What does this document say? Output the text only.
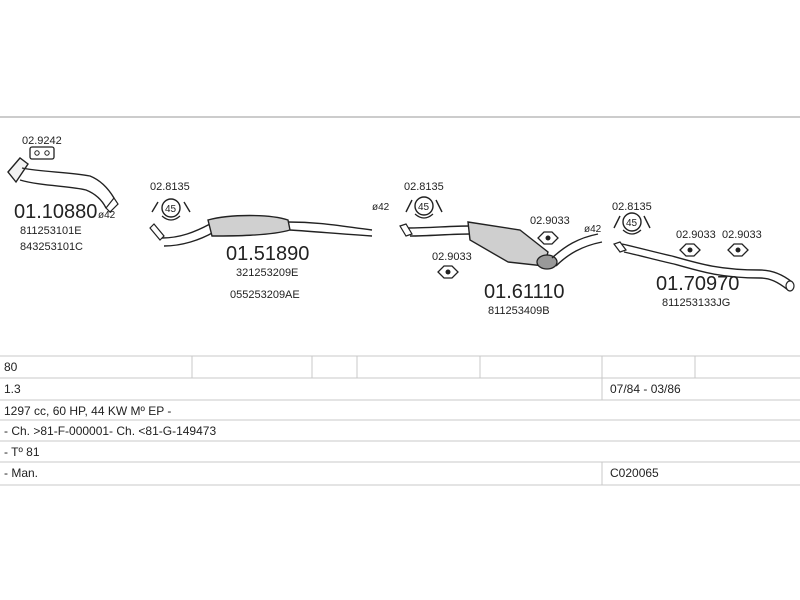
02.9242
01.10880 ø42
811253101E
843253101C
02.8135
45
01.51890
321253209E
055253209AE
ø42
02.8135
45
02.9033
02.9033
01.61110
811253409B
ø42
02.8135
45
02.9033 02.9033
01.70970
811253133JG
80
1.3	07/84 - 03/86
1297 cc, 60 HP, 44 KW Mº EP -
- Ch. >81-F-000001- Ch. <81-G-149473
- Tº 81
- Man.	C020065
